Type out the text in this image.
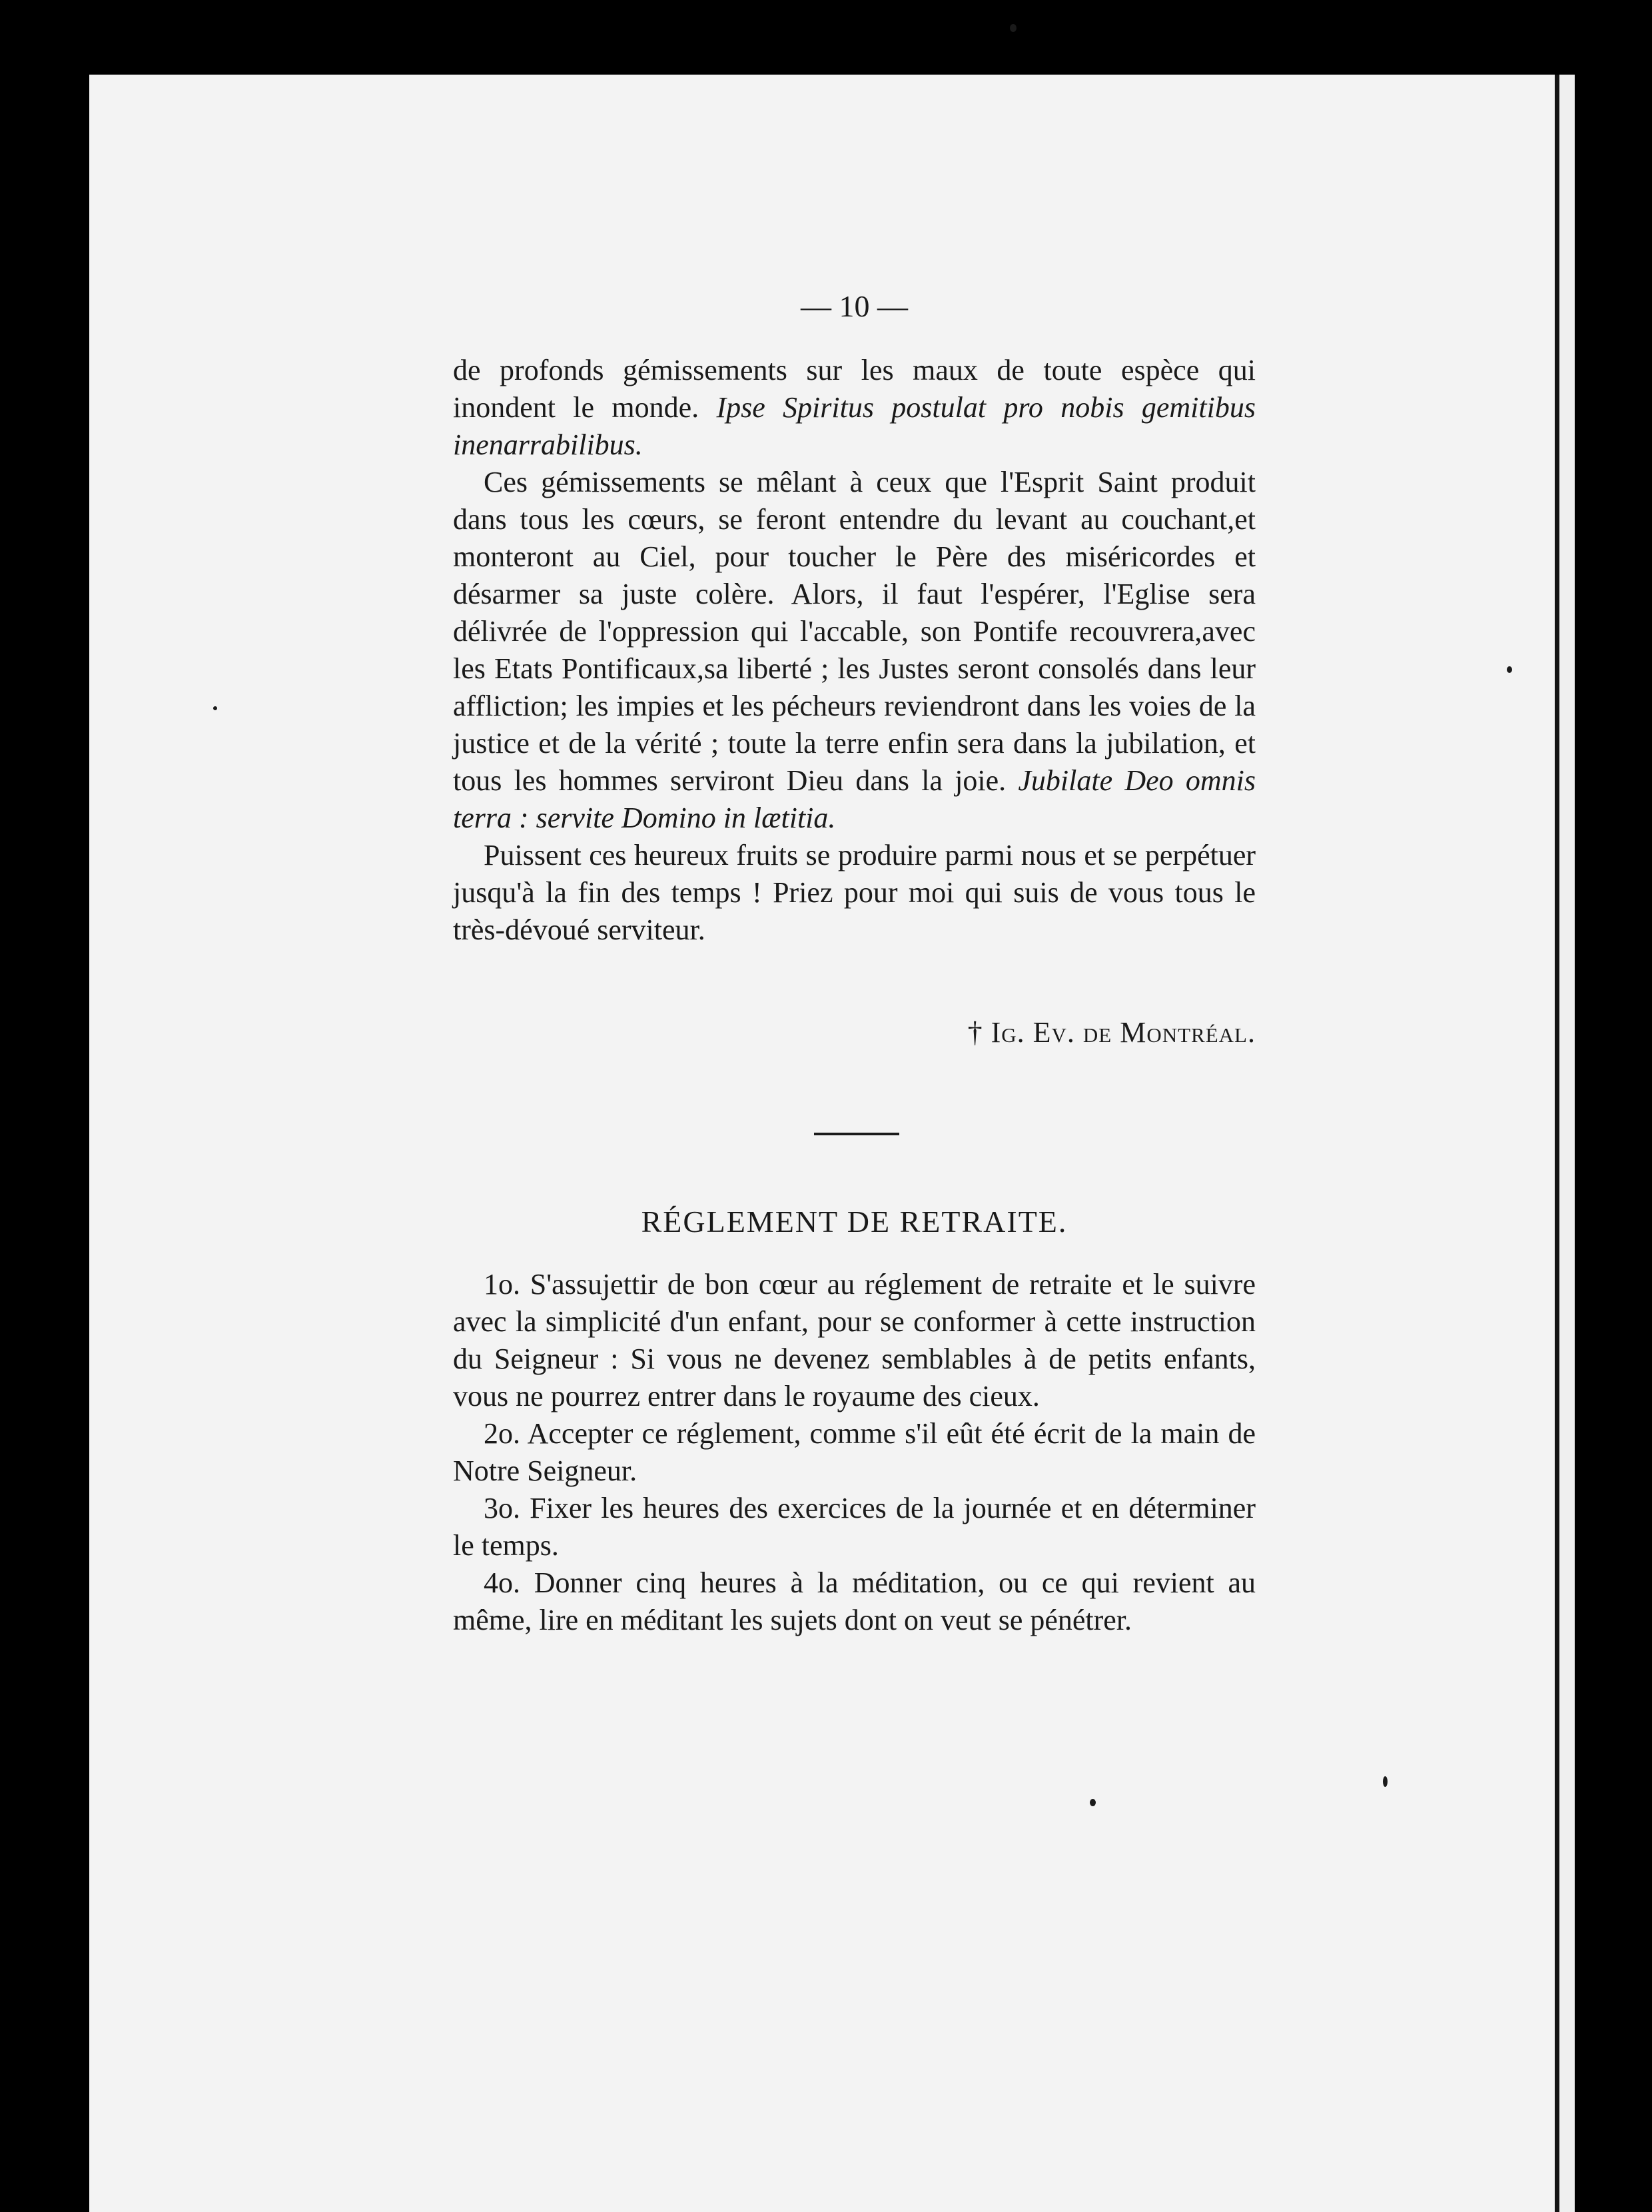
— 10 —

de profonds gémissements sur les maux de toute espèce qui inondent le monde. Ipse Spiritus postulat pro nobis gemitibus inenarrabilibus.

Ces gémissements se mêlant à ceux que l'Esprit Saint produit dans tous les cœurs, se feront entendre du levant au couchant,et monteront au Ciel, pour toucher le Père des miséricordes et désarmer sa juste colère. Alors, il faut l'espérer, l'Eglise sera délivrée de l'oppression qui l'accable, son Pontife recouvrera,avec les Etats Pontificaux,sa liberté ; les Justes seront consolés dans leur affliction; les impies et les pécheurs reviendront dans les voies de la justice et de la vérité ; toute la terre enfin sera dans la jubilation, et tous les hommes serviront Dieu dans la joie. Jubilate Deo omnis terra : servite Domino in lætitia.

Puissent ces heureux fruits se produire parmi nous et se perpétuer jusqu'à la fin des temps ! Priez pour moi qui suis de vous tous le très-dévoué serviteur.

† Ig. Ev. de Montréal.
RÉGLEMENT DE RETRAITE.

1o. S'assujettir de bon cœur au réglement de retraite et le suivre avec la simplicité d'un enfant, pour se conformer à cette instruction du Seigneur : Si vous ne devenez semblables à de petits enfants, vous ne pourrez entrer dans le royaume des cieux.

2o. Accepter ce réglement, comme s'il eût été écrit de la main de Notre Seigneur.

3o. Fixer les heures des exercices de la journée et en déterminer le temps.

4o. Donner cinq heures à la méditation, ou ce qui revient au même, lire en méditant les sujets dont on veut se pénétrer.
